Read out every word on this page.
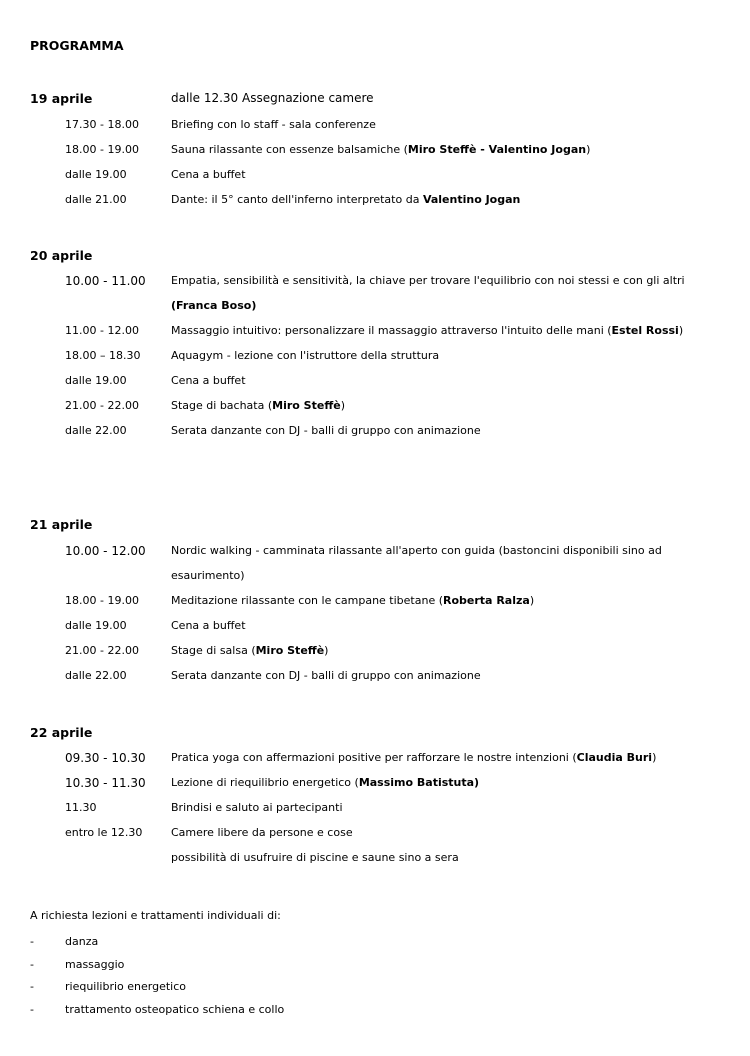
PROGRAMMA
19 aprile	dalle 12.30 Assegnazione camere
17.30 - 18.00	Briefing con lo staff - sala conferenze
18.00 - 19.00	Sauna rilassante con essenze balsamiche (Miro Steffè - Valentino Jogan)
dalle 19.00	Cena a buffet
dalle 21.00	Dante: il 5° canto dell'inferno interpretato da Valentino Jogan
20 aprile
10.00 - 11.00 Empatia, sensibilità e sensitività, la chiave per trovare l'equilibrio con noi stessi e con gli altri
(Franca Boso)
11.00 - 12.00	Massaggio intuitivo: personalizzare il massaggio attraverso l'intuito delle mani (Estel Rossi)
18.00 – 18.30	Aquagym - lezione con l'istruttore della struttura
dalle 19.00	Cena a buffet
21.00 - 22.00	Stage di bachata (Miro Steffè)
dalle 22.00	Serata danzante con DJ - balli di gruppo con animazione
21 aprile
10.00 - 12.00 Nordic walking - camminata rilassante all'aperto con guida (bastoncini disponibili sino ad
esaurimento)
18.00 - 19.00	Meditazione rilassante con le campane tibetane (Roberta Ralza)
dalle 19.00	Cena a buffet
21.00 - 22.00	Stage di salsa (Miro Steffè)
dalle 22.00	Serata danzante con DJ - balli di gruppo con animazione
22 aprile
09.30 - 10.30 Pratica yoga con affermazioni positive per rafforzare le nostre intenzioni (Claudia Buri)
10.30 - 11.30 Lezione di riequilibrio energetico (Massimo Batistuta)
11.30	Brindisi e saluto ai partecipanti
entro le 12.30	Camere libere da persone e cose
possibilità di usufruire di piscine e saune sino a sera
A richiesta lezioni e trattamenti individuali di:
-	danza
-	massaggio
-	riequilibrio energetico
-	trattamento osteopatico schiena e collo
